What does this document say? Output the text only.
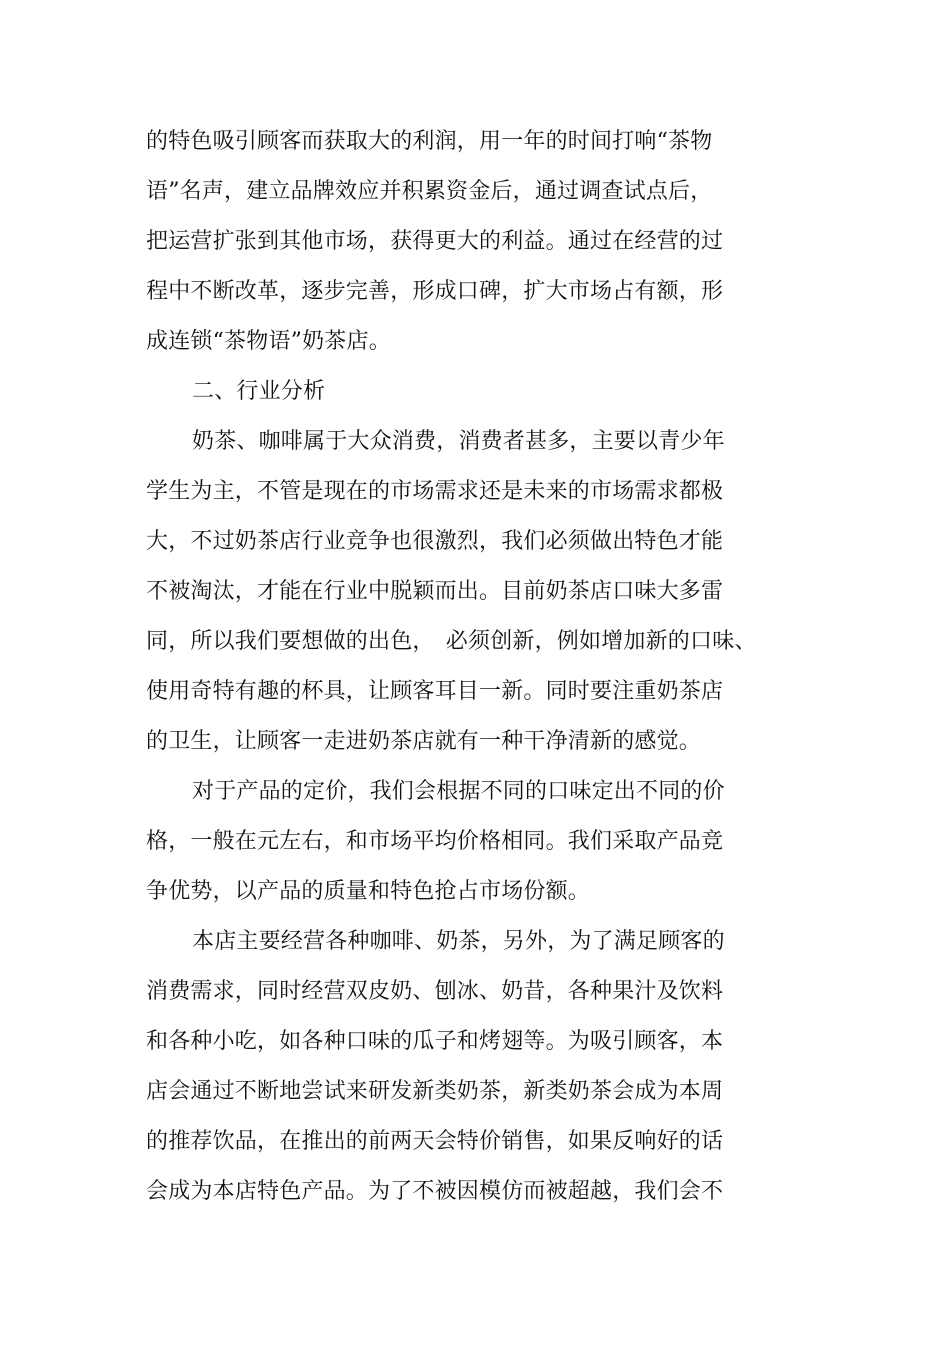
的特色吸引顾客而获取大的利润，用一年的时间打响“茶物
语”名声，建立品牌效应并积累资金后，通过调查试点后，
把运营扩张到其他市场，获得更大的利益。通过在经营的过
程中不断改革，逐步完善，形成口碑，扩大市场占有额，形
成连锁“茶物语”奶茶店。
二、行业分析
奶茶、咖啡属于大众消费，消费者甚多，主要以青少年
学生为主，不管是现在的市场需求还是未来的市场需求都极
大，不过奶茶店行业竞争也很激烈，我们必须做出特色才能
不被淘汰，才能在行业中脱颖而出。目前奶茶店口味大多雷
同，所以我们要想做的出色，　必须创新，例如增加新的口味、
使用奇特有趣的杯具，让顾客耳目一新。同时要注重奶茶店
的卫生，让顾客一走进奶茶店就有一种干净清新的感觉。
对于产品的定价，我们会根据不同的口味定出不同的价
格，一般在元左右，和市场平均价格相同。我们采取产品竞
争优势，以产品的质量和特色抢占市场份额。
本店主要经营各种咖啡、奶茶，另外，为了满足顾客的
消费需求，同时经营双皮奶、刨冰、奶昔，各种果汁及饮料
和各种小吃，如各种口味的瓜子和烤翅等。为吸引顾客，本
店会通过不断地尝试来研发新类奶茶，新类奶茶会成为本周
的推荐饮品，在推出的前两天会特价销售，如果反响好的话
会成为本店特色产品。为了不被因模仿而被超越，我们会不
